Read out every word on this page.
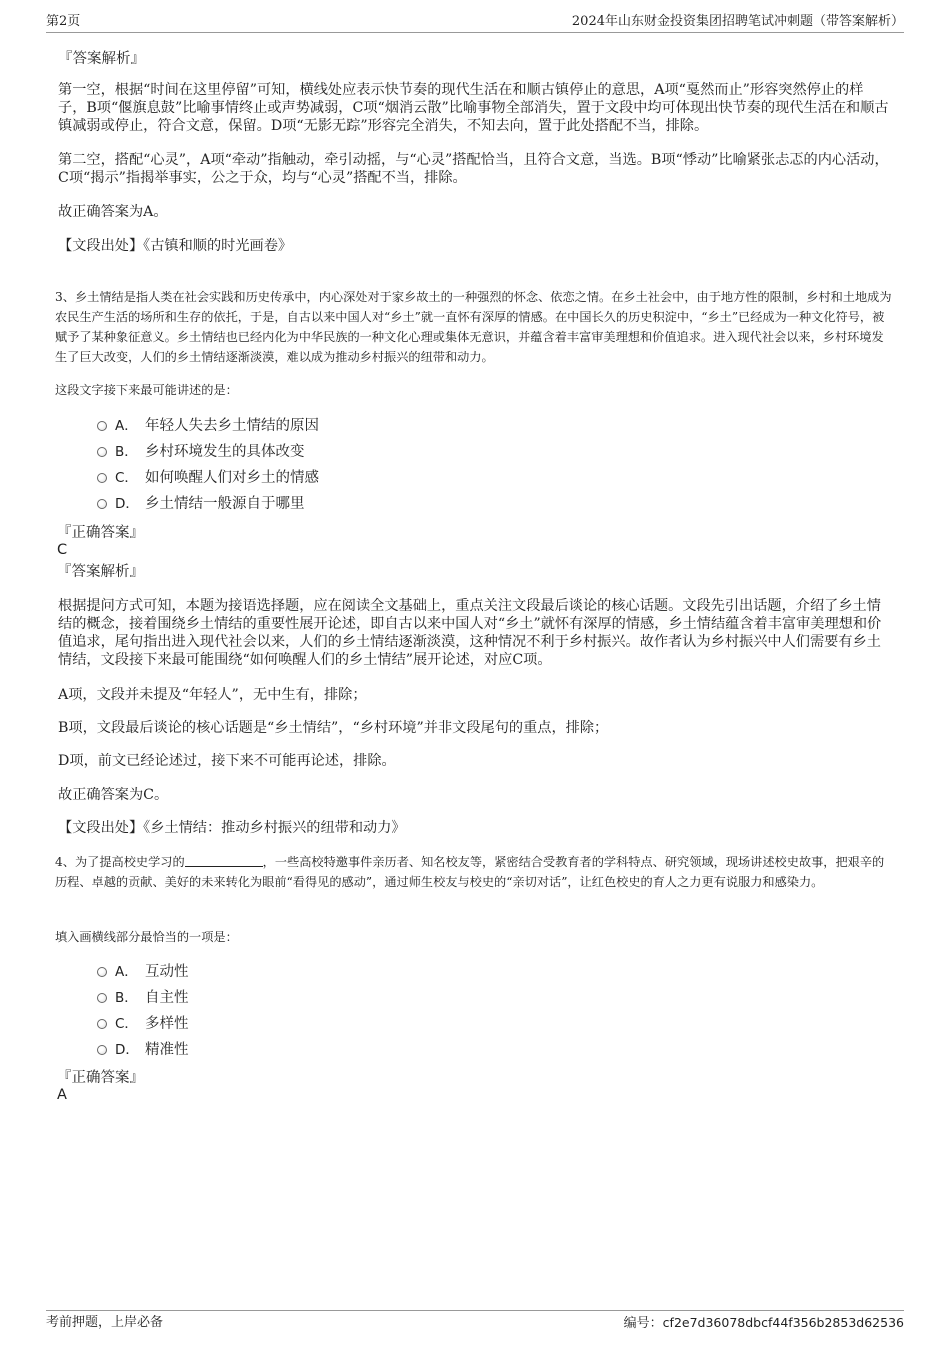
第2页	2024年山东财金投资集团招聘笔试冲刺题（带答案解析）
『答案解析』

第一空，根据“时间在这里停留”可知，横线处应表示快节奏的现代生活在和顺古镇停止的意思，A项“戛然而止”形容突然停止的样子，B项“偃旗息鼓”比喻事情终止或声势减弱，C项“烟消云散”比喻事物全部消失，置于文段中均可体现出快节奏的现代生活在和顺古镇减弱或停止，符合文意，保留。D项“无影无踪”形容完全消失，不知去向，置于此处搭配不当，排除。

第二空，搭配“心灵”，A项“牵动”指触动，牵引动摇，与“心灵”搭配恰当，且符合文意，当选。B项“悸动”比喻紧张忐忑的内心活动，C项“揭示”指揭举事实，公之于众，均与“心灵”搭配不当，排除。

故正确答案为A。

【文段出处】《古镇和顺的时光画卷》

3、乡土情结是指人类在社会实践和历史传承中，内心深处对于家乡故土的一种强烈的怀念、依恋之情。在乡土社会中，由于地方性的限制，乡村和土地成为农民生产生活的场所和生存的依托，于是，自古以来中国人对“乡土”就一直怀有深厚的情感。在中国长久的历史积淀中，“乡土”已经成为一种文化符号，被赋予了某种象征意义。乡土情结也已经内化为中华民族的一种文化心理或集体无意识，并蕴含着丰富审美理想和价值追求。进入现代社会以来，乡村环境发生了巨大改变，人们的乡土情结逐渐淡漠，难以成为推动乡村振兴的纽带和动力。

这段文字接下来最可能讲述的是：

A． 年轻人失去乡土情结的原因
B． 乡村环境发生的具体改变
C． 如何唤醒人们对乡土的情感
D． 乡土情结一般源自于哪里
『正确答案』
C
『答案解析』

根据提问方式可知，本题为接语选择题，应在阅读全文基础上，重点关注文段最后谈论的核心话题。文段先引出话题，介绍了乡土情结的概念，接着围绕乡土情结的重要性展开论述，即自古以来中国人对“乡土”就怀有深厚的情感，乡土情结蕴含着丰富审美理想和价值追求，尾句指出进入现代社会以来，人们的乡土情结逐渐淡漠，这种情况不利于乡村振兴。故作者认为乡村振兴中人们需要有乡土情结，文段接下来最可能围绕“如何唤醒人们的乡土情结”展开论述，对应C项。

A项，文段并未提及“年轻人”，无中生有，排除；

B项，文段最后谈论的核心话题是“乡土情结”，“乡村环境”并非文段尾句的重点，排除；

D项，前文已经论述过，接下来不可能再论述，排除。

故正确答案为C。

【文段出处】《乡土情结：推动乡村振兴的纽带和动力》

4、为了提高校史学习的	，一些高校特邀事件亲历者、知名校友等，紧密结合受教育者的学科特点、研究领域，现场讲述校史故事，把艰辛的历程、卓越的贡献、美好的未来转化为眼前“看得见的感动”，通过师生校友与校史的“亲切对话”，让红色校史的育人之力更有说服力和感染力。

填入画横线部分最恰当的一项是：

A． 互动性
B． 自主性
C． 多样性
D． 精准性
『正确答案』
A
考前押题，上岸必备	编号：cf2e7d36078dbcf44f356b2853d62536
